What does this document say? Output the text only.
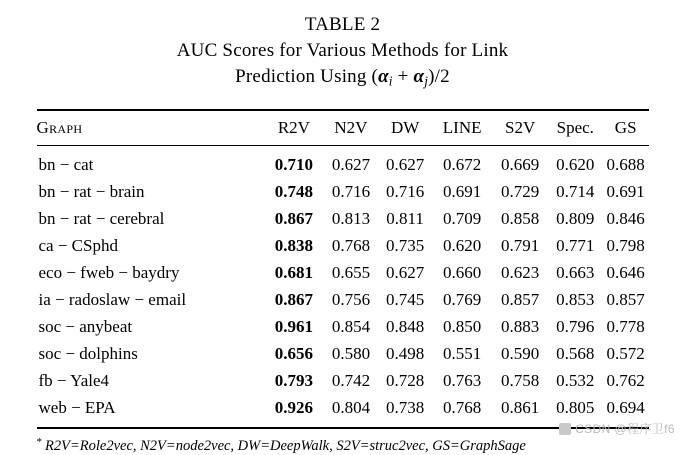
TABLE 2
AUC Scores for Various Methods for Link
Prediction Using $(\alpha_i + \alpha_j)/2$

Graph	R2V	N2V	DW	LINE	S2V	Spec.	GS

bn − cat	0.710	0.627	0.627	0.672	0.669	0.620	0.688
bn − rat − brain	0.748	0.716	0.716	0.691	0.729	0.714	0.691
bn − rat − cerebral	0.867	0.813	0.811	0.709	0.858	0.809	0.846
ca − CSphd	0.838	0.768	0.735	0.620	0.791	0.771	0.798
eco − fweb − baydry	0.681	0.655	0.627	0.660	0.623	0.663	0.646
ia − radoslaw − email	0.867	0.756	0.745	0.769	0.857	0.853	0.857
soc − anybeat	0.961	0.854	0.848	0.850	0.883	0.796	0.778
soc − dolphins	0.656	0.580	0.498	0.551	0.590	0.568	0.572
fb − Yale4	0.793	0.742	0.728	0.763	0.758	0.532	0.762
web − EPA	0.926	0.804	0.738	0.768	0.861	0.805	0.694

* R2V=Role2vec, N2V=node2vec, DW=DeepWalk, S2V=struc2vec, GS=GraphSage
CSDN @程序卫f6
